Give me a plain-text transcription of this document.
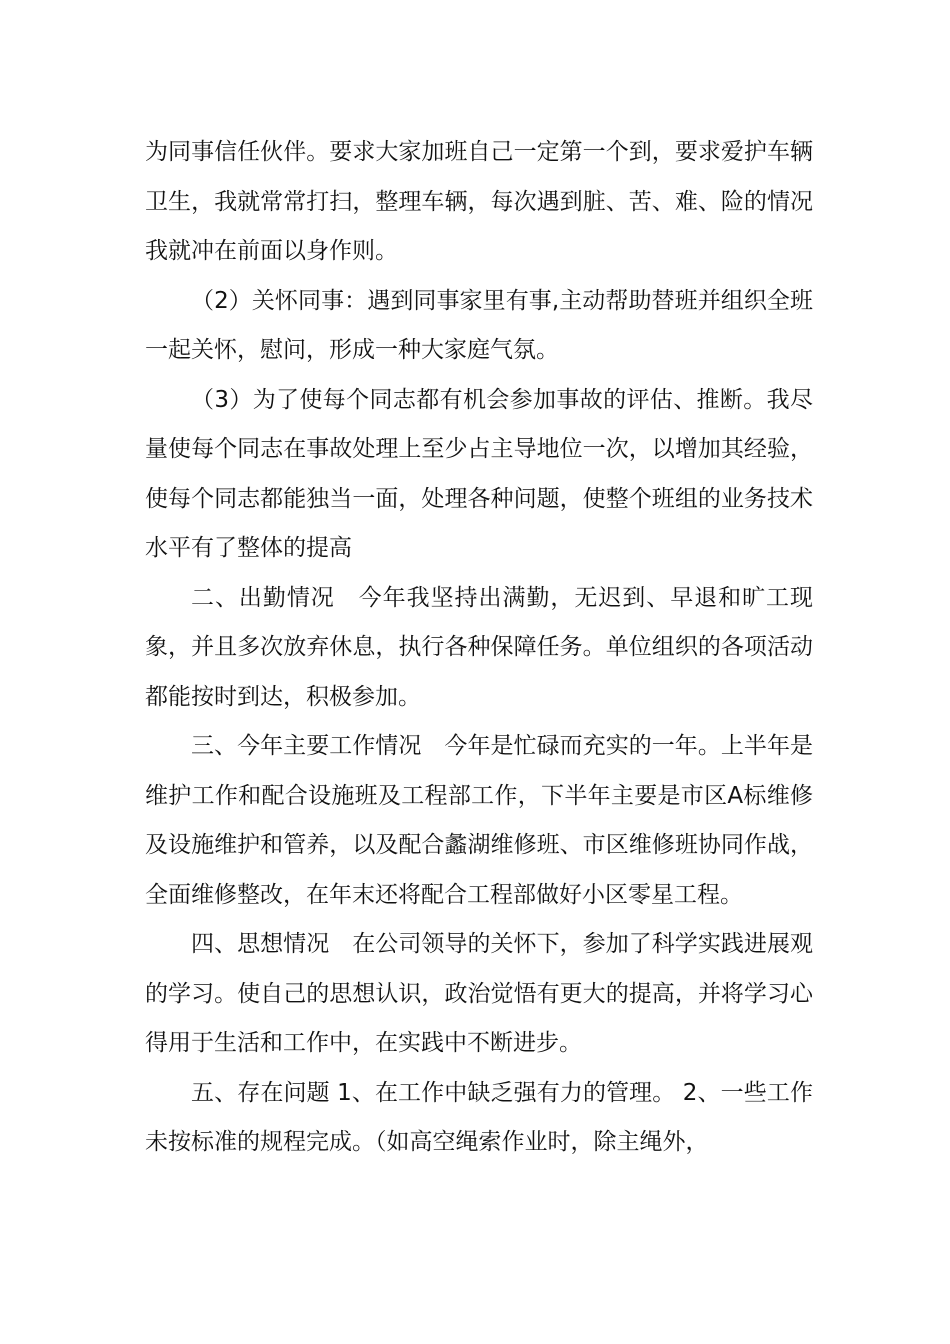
为同事信任伙伴。要求大家加班自己一定第一个到，要求爱护车辆卫生，我就常常打扫，整理车辆，每次遇到脏、苦、难、险的情况我就冲在前面以身作则。

（2）关怀同事：遇到同事家里有事,主动帮助替班并组织全班一起关怀，慰问，形成一种大家庭气氛。

（3）为了使每个同志都有机会参加事故的评估、推断。我尽量使每个同志在事故处理上至少占主导地位一次，以增加其经验，使每个同志都能独当一面，处理各种问题，使整个班组的业务技术水平有了整体的提高

二、出勤情况　今年我坚持出满勤，无迟到、早退和旷工现象，并且多次放弃休息，执行各种保障任务。单位组织的各项活动都能按时到达，积极参加。

三、今年主要工作情况　今年是忙碌而充实的一年。上半年是维护工作和配合设施班及工程部工作，下半年主要是市区A标维修及设施维护和管养，以及配合蠡湖维修班、市区维修班协同作战，全面维修整改，在年末还将配合工程部做好小区零星工程。

四、思想情况　在公司领导的关怀下，参加了科学实践进展观的学习。使自己的思想认识，政治觉悟有更大的提高，并将学习心得用于生活和工作中，在实践中不断进步。

五、存在问题 1、在工作中缺乏强有力的管理。 2、一些工作未按标准的规程完成。（如高空绳索作业时，除主绳外，
